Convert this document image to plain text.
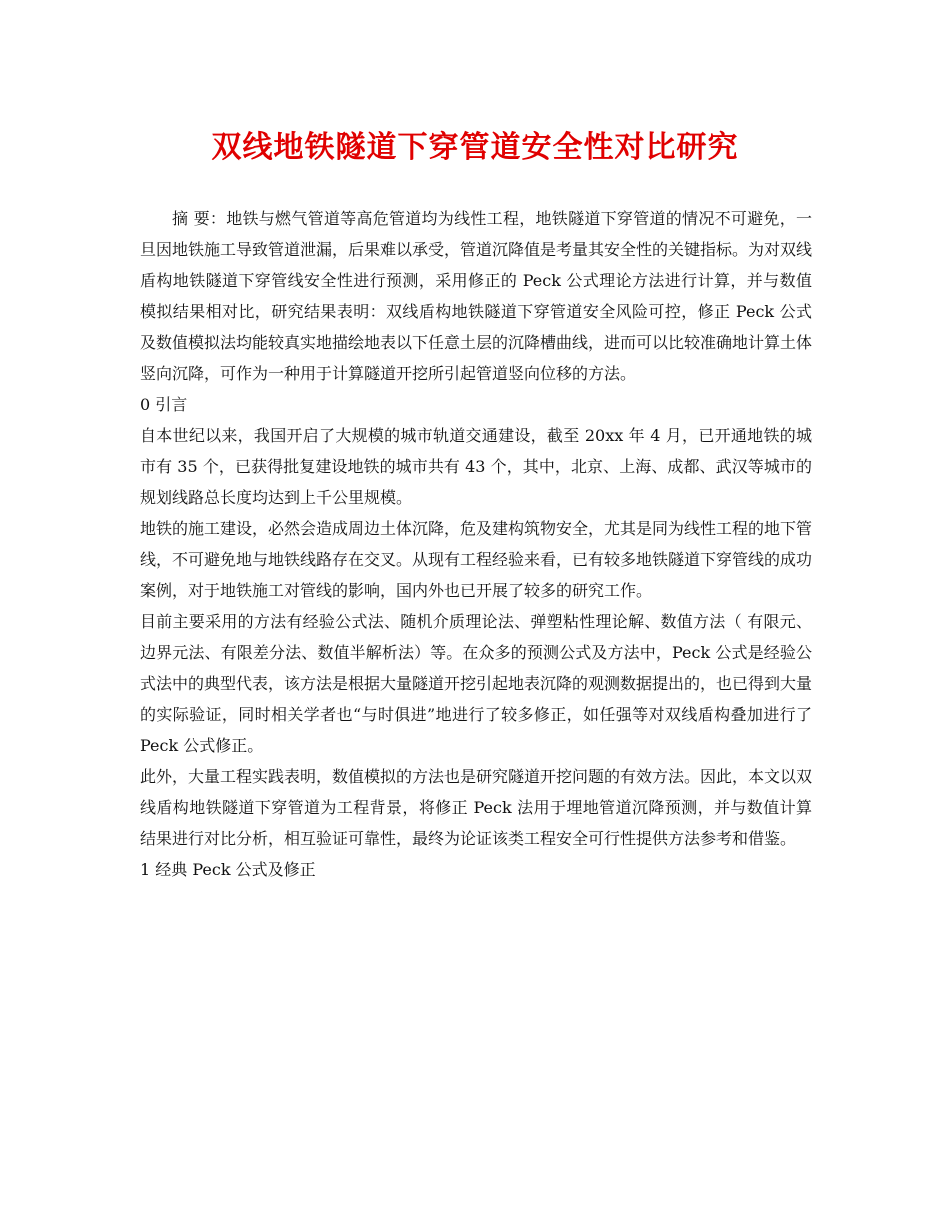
双线地铁隧道下穿管道安全性对比研究

摘 要：地铁与燃气管道等高危管道均为线性工程，地铁隧道下穿管道的情况不可避免，一旦因地铁施工导致管道泄漏，后果难以承受，管道沉降值是考量其安全性的关键指标。为对双线盾构地铁隧道下穿管线安全性进行预测，采用修正的 Peck 公式理论方法进行计算，并与数值模拟结果相对比，研究结果表明：双线盾构地铁隧道下穿管道安全风险可控，修正 Peck 公式及数值模拟法均能较真实地描绘地表以下任意土层的沉降槽曲线，进而可以比较准确地计算土体竖向沉降，可作为一种用于计算隧道开挖所引起管道竖向位移的方法。

0 引言

自本世纪以来，我国开启了大规模的城市轨道交通建设，截至 20xx 年 4 月，已开通地铁的城市有 35 个，已获得批复建设地铁的城市共有 43 个，其中，北京、上海、成都、武汉等城市的规划线路总长度均达到上千公里规模。

地铁的施工建设，必然会造成周边土体沉降，危及建构筑物安全，尤其是同为线性工程的地下管线，不可避免地与地铁线路存在交叉。从现有工程经验来看，已有较多地铁隧道下穿管线的成功案例，对于地铁施工对管线的影响，国内外也已开展了较多的研究工作。

目前主要采用的方法有经验公式法、随机介质理论法、弹塑粘性理论解、数值方法（ 有限元、边界元法、有限差分法、数值半解析法）等。在众多的预测公式及方法中，Peck 公式是经验公式法中的典型代表，该方法是根据大量隧道开挖引起地表沉降的观测数据提出的，也已得到大量的实际验证，同时相关学者也“与时俱进”地进行了较多修正，如任强等对双线盾构叠加进行了Peck 公式修正。

此外，大量工程实践表明，数值模拟的方法也是研究隧道开挖问题的有效方法。因此，本文以双线盾构地铁隧道下穿管道为工程背景，将修正 Peck 法用于埋地管道沉降预测，并与数值计算结果进行对比分析，相互验证可靠性，最终为论证该类工程安全可行性提供方法参考和借鉴。

1 经典 Peck 公式及修正
